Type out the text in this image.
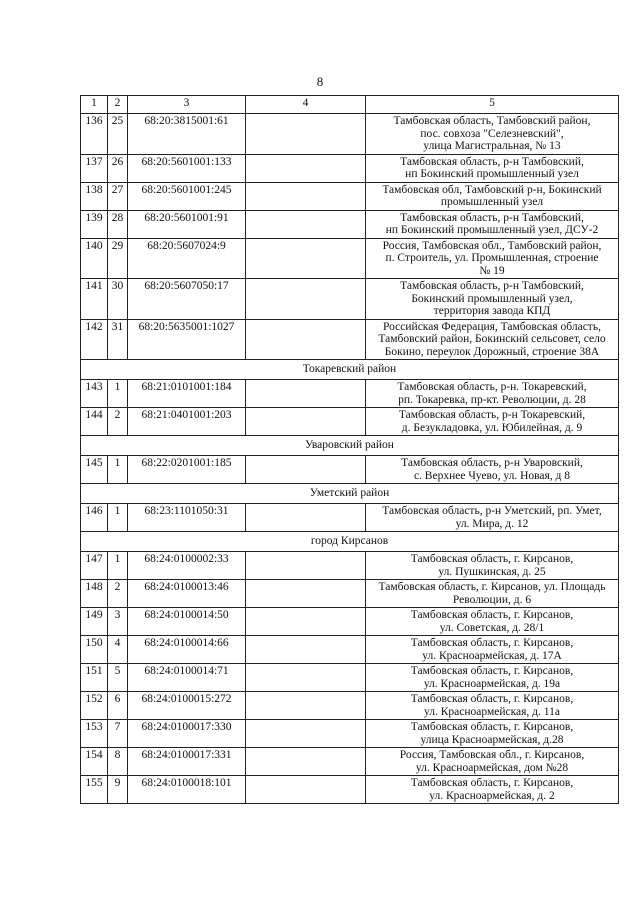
8
1	2	3	4	5
136	25	68:20:3815001:61		Тамбовская область, Тамбовский район,
пос. совхоза "Селезневский",
улица Магистральная, № 13

137	26	68:20:5601001:133		Тамбовская область, р-н Тамбовский,
нп Бокинский промышленный узел

138	27	68:20:5601001:245		Тамбовская обл, Тамбовский р-н, Бокинский
промышленный узел

139	28	68:20:5601001:91		Тамбовская область, р-н Тамбовский,
нп Бокинский промышленный узел, ДСУ-2

140	29	68:20:5607024:9		Россия, Тамбовская обл., Тамбовский район,
п. Строитель, ул. Промышленная, строение
№ 19

141	30	68:20:5607050:17		Тамбовская область, р-н Тамбовский,
Бокинский промышленный узел,
территория завода КПД

142	31	68:20:5635001:1027		Российская Федерация, Тамбовская область,
Тамбовский район, Бокинский сельсовет, село
Бокино, переулок Дорожный, строение 38А

Токаревский район				
143	1	68:21:0101001:184		Тамбовская область, р-н. Токаревский,
рп. Токаревка, пр-кт. Революции, д. 28

144	2	68:21:0401001:203		Тамбовская область, р-н Токаревский,
д. Безукладовка, ул. Юбилейная, д. 9

Уваровский район				
145	1	68:22:0201001:185		Тамбовская область, р-н Уваровский,
с. Верхнее Чуево, ул. Новая, д 8

Уметский район				
146	1	68:23:1101050:31		Тамбовская область, р-н Уметский, рп. Умет,
ул. Мира, д. 12

город Кирсанов				
147	1	68:24:0100002:33		Тамбовская область, г. Кирсанов,
ул. Пушкинская, д. 25

148	2	68:24:0100013:46		Тамбовская область, г. Кирсанов, ул. Площадь
Революции, д. 6

149	3	68:24:0100014:50		Тамбовская область, г. Кирсанов,
ул. Советская, д. 28/1

150	4	68:24:0100014:66		Тамбовская область, г. Кирсанов,
ул. Красноармейская, д. 17А

151	5	68:24:0100014:71		Тамбовская область, г. Кирсанов,
ул. Красноармейская, д. 19а

152	6	68:24:0100015:272		Тамбовская область, г. Кирсанов,
ул. Красноармейская, д. 11а

153	7	68:24:0100017:330		Тамбовская область, г. Кирсанов,
улица Красноармейская, д.28

154	8	68:24:0100017:331		Россия, Тамбовская обл., г. Кирсанов,
ул. Красноармейская, дом №28

155	9	68:24:0100018:101		Тамбовская область, г. Кирсанов,
ул. Красноармейская, д. 2
